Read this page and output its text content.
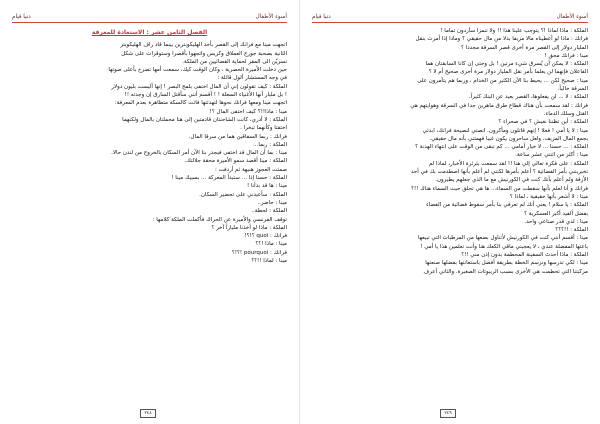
أسوء الأطفال
دنيا قيام
الفصل الثامن عشر : الاستعادة للمعرفة
اتجهت مينا مع فرانك إلى القصر بأحد الهليكوبترين بينما قاد راف الهليكوبتر
الثانية بصحبة جورج العملاق وكريس واتجهوا بأقصرا وستوقرات على شكل
نسريّن الى المقر لحماية الفضائيين من الملكة.
حين دخلت الأميرة الحصرية ، وكان الوقت كيك، سمعت أمها تصرخ بأعلى صوتها
في وجه المستشار ألول قائلة :
الملكة : كيف تقولون إني أن المال اختفى بلمح البصر ! إنها أليست بليون دولار
! بل مليار أنها الأغنياء السعلة ! ! أقسم أنني سأقتل السارق إن وجدته !!
اتجهت مينا ومعها فرانك نحوها لتهدئتها فاتت كالسكة متظاهرة بعدم المعرفة:
مينا : ماذا!!؟ كيف اختفى المال ؟!
الملكة : لا أدري، كانت الشاحنتان قادمتين إلى هنا محملتان بالمال ولكنهما
اختفتا وكأنهما تبخرا .
فرانك : ربما السفاقين هما من سرقا المال.
الملكة : ربما...
مينا : بما أن المال قد اختفى فيجدر بنا الآن أمر السكان بالخروج من لندن حالا.
الملكة : مينا أقصد سمو الأميرة محقة جلالتك.
صمتت العجوز هنيهة ثم أردفت :
الملكة : حسنا إذا ... ستبدأ المعركة ... بسبيك مينا !
مينا : ها قد بدأنا !
الملكة : سأعيدني على تحضير السكان.
مينا : حاضر..
الملكة : لحظة..
توقف الفرنسي والأميرة عن الحراك فأكملت الملكة كلامها :
الملكة : ماذا لو أخذنا ملياراً آخر ؟
فرانك : quoi ؟!؟!
مينا : ماذا !؟؟
فرانك : pourquoi !؟!؟
مينا : لماذا !!؟؟
٢٤٨
أسوء الأطفال
دنيا قيام
الملكة : ماذا لماذا !؟ يتوجب علينا هذا !! ولا تنمزا سأردون تماما !
فرانك : ماذا لو أعطيناه مالا مزيفا بدلا من مال حقيقي ؟ ومادا إذا أمرت بنقل
المليار دولار إلى القصر مرة أخرى قصر السرقة مجددا ؟
مينا : فرانك محق !
الملكة : لا يمكن أن يُسرق شيء مرتين ! بل وحتى إن كانا السابقتان هما
الفاعلان فإنهما لن يعلما بأمر نقل المليار دولار مرة أخرى صحيح أم لا ؟
مينا : صحيح لكن ... يحيط بنا الآن الكثير من الخدام ، وربما هم يتآمرون على
السرقة حالياً.
الملكة : لا ... لن يفعلوها، القصر بعيد عن البنك كثيراً.
فرانك : لقد سمعت بأن هناك قطاع طرق ماهرين جدا في السرقة وهوايتهم هي
القتل وسلك الدماء.
الملكة : أين تظننا نعيش ؟ في صحراء ؟
مينا : لا يا أمي ! فعلا ! إنهم قاتلون ومأكرون. انصتي لنصيحة فرانك، ابدئي
بجمع المال المزيف، ولعل ساحرون يكون غيبا فهمتني بأنه مال حقيقي.
الملكة : ... حسنا ... لا خيار أمامي ... كم تبقى من الوقت على انتهاء الهدنة ؟
مينا : أكثر من اثنتي عشر ساعة.
الملكة : على فكرة تعالي إلي هنا !! لقد سمعت بثرثرة الأخبار، لماذا لم
تخبرينني بأمر الفضائية ؟ أعلم بأمرها لكنني لم أعلم بأنها اصطدمت بك في أحد
الأزقة ولم أعلم بأنك كنت في الكورنيش مع ما الذي جعلهم يطيرون.
فرانك و أنا لعلم بأنها سقطت من السماء... ها هي تحلق حيث السماء هناك !!؟
مينا : لا أشعر بأنها حقيقية ، لماذا ؟
الملكة : يا سلام ! يعني أنك لم تعرفي بنا بأمر سقوط فضائية من الفضاء
بفضل ألفيد أكبر العسكرية ؟
مينا : لدي قدر صناعي واحد.
الملكة : !!؟؟؟
مينا : أقسم أنني كنت في الكورنيش لأتناول بضعها من المرطبات التي تبيعها
باعتها المفضلة عندي ، لا يعجبني ماقي الكعك هنا وأنت تعلمين هذا يا أمي !
الملكة : ماذا أحدث السفينة المحطمة بدون إذن مني !!؟
مينا : لكي تدرسها ونرسم الخطة بطريقة أفضل باستعانتها بفضلها صنعتها
مركبتنا التي تحطمت هي الأخرى بسبب الريبوتات الصغيرة. والثاني أعرف
٢٤٩
